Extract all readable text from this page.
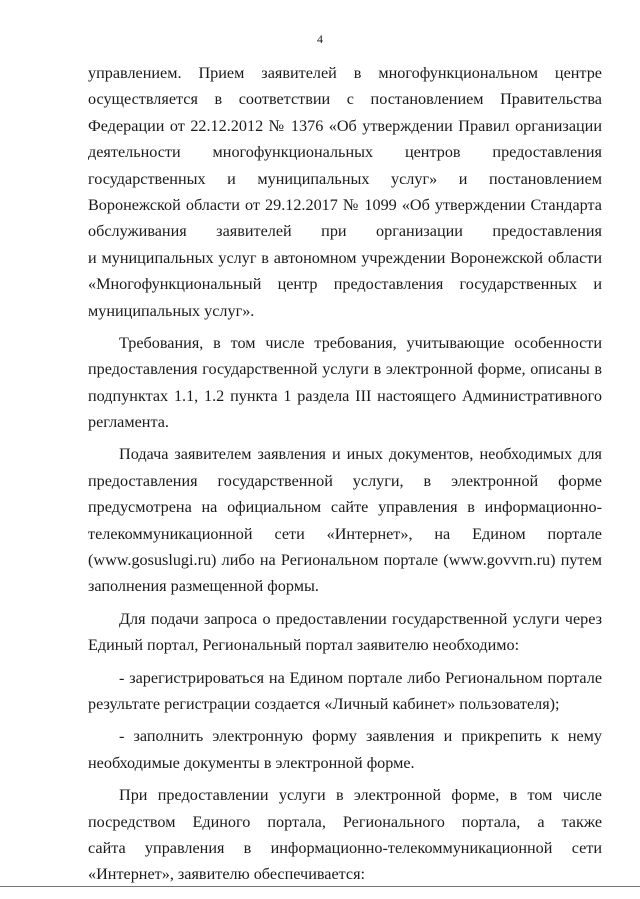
4
управлением. Прием заявителей в многофункциональном центре
осуществляется в соответствии с постановлением Правительства
Федерации от 22.12.2012 № 1376 «Об утверждении Правил организации
деятельности многофункциональных центров предоставления
государственных и муниципальных услуг» и постановлением
Воронежской области от 29.12.2017 № 1099 «Об утверждении Стандарта
обслуживания заявителей при организации предоставления
и муниципальных услуг в автономном учреждении Воронежской области
«Многофункциональный центр предоставления государственных и
муниципальных услуг».
Требования, в том числе требования, учитывающие особенности
предоставления государственной услуги в электронной форме, описаны в
подпунктах 1.1, 1.2 пункта 1 раздела III настоящего Административного
регламента.
Подача заявителем заявления и иных документов, необходимых для
предоставления государственной услуги, в электронной форме
предусмотрена на официальном сайте управления в информационно-
телекоммуникационной сети «Интернет», на Едином портале
(www.gosuslugi.ru) либо на Региональном портале (www.govvrn.ru) путем
заполнения размещенной формы.
Для подачи запроса о предоставлении государственной услуги через
Единый портал, Региональный портал заявителю необходимо:
- зарегистрироваться на Едином портале либо Региональном портале
результате регистрации создается «Личный кабинет» пользователя);
- заполнить электронную форму заявления и прикрепить к нему
необходимые документы в электронной форме.
При предоставлении услуги в электронной форме, в том числе
посредством Единого портала, Регионального портала, а также
сайта управления в информационно-телекоммуникационной сети
«Интернет», заявителю обеспечивается:
